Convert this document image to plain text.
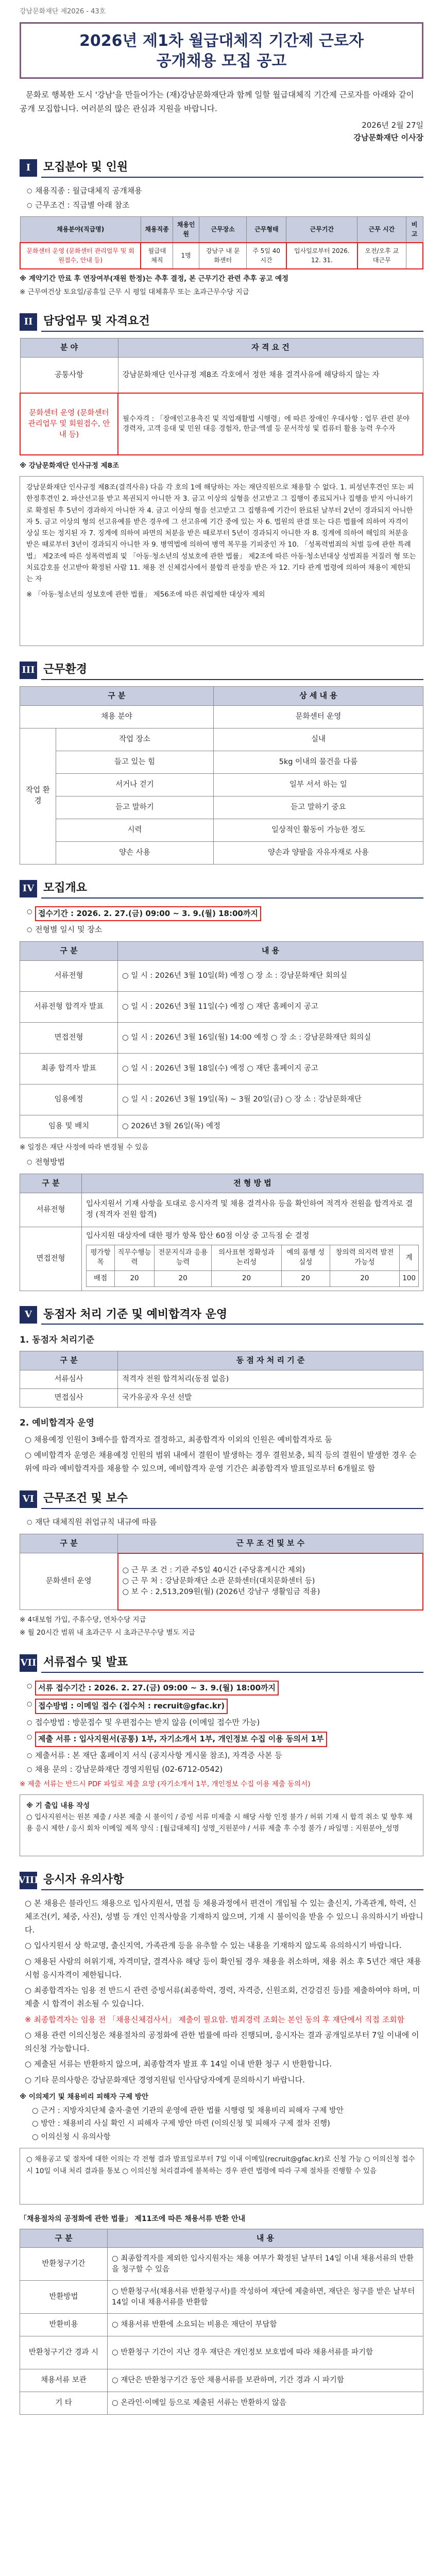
강남문화재단 제2026 - 43호
2026년 제1차 월급대체직 기간제 근로자
공개채용 모집 공고

문화로 행복한 도시 '강남'을 만들어가는 (재)강남문화재단과 함께 일할 월급대체직 기간제 근로자를 아래와 같이 공개 모집합니다. 여러분의 많은 관심과 지원을 바랍니다.

2026년 2월 27일
강남문화재단 이사장
I	모집분야 및 인원
○ 채용직종 : 월급대체직 공개채용
○ 근무조건 : 직급별 아래 참조
채용분야(직급명)	채용직종	채용인원	근무장소	근무형태	근무기간	근무 시간	비고
문화센터 운영 (문화센터 관리업무 및 회원접수, 안내 등)	월급대체직	1명	강남구 내 문화센터	주 5일 40시간	입사일로부터 2026. 12. 31.	오전/오후 교대근무	

※ 계약기간 만료 후 연장여부(재원 한정)는 추후 결정, 본 근무기간 관련 추후 공고 예정

※ 근무여건상 토요일/공휴일 근무 시 평일 대체휴무 또는 초과근무수당 지급

II 담당업무 및 자격요건
분 야	자 격 요 건
공통사항	강남문화재단 인사규정 제8조 각호에서 정한 채용 결격사유에 해당하지 않는 자
문화센터 운영 (문화센터 관리업무 및 회원접수, 안내 등)	필수자격 : 「장애인고용촉진 및 직업재활법 시행령」에 따른 장애인 우대사항 : 업무 관련 분야 경력자, 고객 응대 및 민원 대응 경험자, 한글·엑셀 등 문서작성 및 컴퓨터 활용 능력 우수자
※ 강남문화재단 인사규정 제8조
강남문화재단 인사규정 제8조(결격사유) 다음 각 호의 1에 해당하는 자는 재단직원으로 채용할 수 없다. 1. 피성년후견인 또는 피한정후견인 2. 파산선고를 받고 복권되지 아니한 자 3. 금고 이상의 실형을 선고받고 그 집행이 종료되거나 집행을 받지 아니하기로 확정된 후 5년이 경과하지 아니한 자 4. 금고 이상의 형을 선고받고 그 집행유예 기간이 완료된 날부터 2년이 경과되지 아니한 자 5. 금고 이상의 형의 선고유예를 받은 경우에 그 선고유예 기간 중에 있는 자 6. 법원의 판결 또는 다른 법률에 의하여 자격이 상실 또는 정지된 자 7. 징계에 의하여 파면의 처분을 받은 때로부터 5년이 경과되지 아니한 자 8. 징계에 의하여 해임의 처분을 받은 때로부터 3년이 경과되지 아니한 자 9. 병역법에 의하여 병역 복무를 기피중인 자 10. 「성폭력범죄의 처벌 등에 관한 특례법」 제2조에 따른 성폭력범죄 및 「아동·청소년의 성보호에 관한 법률」 제2조에 따른 아동·청소년대상 성범죄를 저질러 형 또는 치료감호를 선고받아 확정된 사람 11. 채용 전 신체검사에서 불합격 판정을 받은 자 12. 기타 관계 법령에 의하여 채용이 제한되는 자
※ 「아동·청소년의 성보호에 관한 법률」 제56조에 따른 취업제한 대상자 제외
III 근무환경
구 분		상 세 내 용
채용 분야		문화센터 운영
작업 환경	작업 장소	실내
	들고 있는 힘	5kg 이내의 물건을 다룸
	서거나 걷기	일부 서서 하는 일
	듣고 말하기	듣고 말하기 중요
	시력	일상적인 활동이 가능한 정도
	양손 사용	양손과 양팔을 자유자재로 사용
IV 모집개요
○ 접수기간 : 2026. 2. 27.(금) 09:00 ~ 3. 9.(월) 18:00까지
○ 전형별 일시 및 장소
구 분	내 용
서류전형	○ 일 시 : 2026년 3월 10일(화) 예정 ○ 장 소 : 강남문화재단 회의실
서류전형 합격자 발표	○ 일 시 : 2026년 3월 11일(수) 예정 ○ 재단 홈페이지 공고
면접전형	○ 일 시 : 2026년 3월 16일(월) 14:00 예정 ○ 장 소 : 강남문화재단 회의실
최종 합격자 발표	○ 일 시 : 2026년 3월 18일(수) 예정 ○ 재단 홈페이지 공고
임용예정	○ 일 시 : 2026년 3월 19일(목) ~ 3월 20일(금) ○ 장 소 : 강남문화재단
임용 및 배치	○ 2026년 3월 26일(목) 예정

※ 일정은 재단 사정에 따라 변경될 수 있음

○ 전형방법
구 분	전 형 방 법
서류전형	입사지원서 기재 사항을 토대로 응시자격 및 채용 결격사유 등을 확인하여 적격자 전원을 합격자로 결정 (적격자 전원 합격)
면접전형	
입사지원 대상자에 대한 평가 항목 합산 60점 이상 중 고득점 순 결정
평가항목	직무수행능력	전문지식과 응용능력	의사표현 정확성과 논리성	예의 품행 성실성	창의력 의지력 발전가능성	계
배점	20	20	20	20	20	100
V	동점자 처리 기준 및 예비합격자 운영
1. 동점자 처리기준
구 분	동 점 자 처 리 기 준
서류심사	적격자 전원 합격처리(동점 없음)
면접심사	국가유공자 우선 선발
2. 예비합격자 운영

○ 채용예정 인원이 3배수를 합격자로 결정하고, 최종합격자 이외의 인원은 예비합격자로 둠

○ 예비합격자 운영은 채용예정 인원의 범위 내에서 결원이 발생하는 경우 결원보충, 퇴직 등의 결원이 발생한 경우 순위에 따라 예비합격자를 채용할 수 있으며, 예비합격자 운영 기간은 최종합격자 발표일로부터 6개월로 함

VI 근무조건 및 보수
○ 재단 대체직원 취업규칙 내규에 따름
구 분	근 무 조 건 및 보 수
문화센터 운영	○ 근 무 조 건 : 기관 주5일 40시간 (주당휴게시간 제외)
○ 근 무 처 : 강남문화재단 소관 문화센터(대치문화센터 등)
○ 보 수 : 2,513,209원(월) (2026년 강남구 생활임금 적용)

※ 4대보험 가입, 주휴수당, 연차수당 지급

※ 월 20시간 범위 내 초과근무 시 초과근무수당 별도 지급

VII 서류접수 및 발표
○ 서류 접수기간 : 2026. 2. 27.(금) 09:00 ~ 3. 9.(월) 18:00까지
○ 접수방법 : 이메일 접수 (접수처 : recruit@gfac.kr)
○ 접수방법 : 방문접수 및 우편접수는 받지 않음 (이메일 접수만 가능)
○ 제출 서류 : 입사지원서(공통) 1부, 자기소개서 1부, 개인정보 수집 이용 동의서 1부
○ 제출서류 : 본 재단 홈페이지 서식 (공지사항 게시물 참조), 자격증 사본 등
○ 채용 문의 : 강남문화재단 경영지원팀 (02-6712-0542)

※ 제출 서류는 반드시 PDF 파일로 제출 요망 (자기소개서 1부, 개인정보 수집 이용 제출 동의서)

※ 기 출입 내용 작성
○ 입사지원서는 원본 제출 / 사본 제출 시 불이익 / 증빙 서류 미제출 시 해당 사항 인정 불가 / 허위 기재 시 합격 취소 및 향후 채용 응시 제한 / 응시 회차 이메일 제목 양식 : [월급대체직] 성명_지원분야 / 서류 제출 후 수정 불가 / 파일명 : 지원분야_성명
VIII 응시자 유의사항

○ 본 채용은 블라인드 채용으로 입사지원서, 면접 등 채용과정에서 편견이 개입될 수 있는 출신지, 가족관계, 학력, 신체조건(키, 체중, 사진), 성별 등 개인 인적사항을 기재하지 않으며, 기재 시 불이익을 받을 수 있으니 유의하시기 바랍니다.

○ 입사지원서 상 학교명, 출신지역, 가족관계 등을 유추할 수 있는 내용을 기재하지 않도록 유의하시기 바랍니다.

○ 채용된 사람의 허위기재, 자격미달, 결격사유 해당 등이 확인될 경우 채용을 취소하며, 채용 취소 후 5년간 재단 채용시험 응시자격이 제한됩니다.

○ 최종합격자는 임용 전 반드시 관련 증빙서류(최종학력, 경력, 자격증, 신원조회, 건강검진 등)를 제출하여야 하며, 미제출 시 합격이 취소될 수 있습니다.

※ 최종합격자는 임용 전 「채용신체검사서」 제출이 필요함. 범죄경력 조회는 본인 동의 후 재단에서 직접 조회함

○ 채용 관련 이의신청은 채용절차의 공정화에 관한 법률에 따라 진행되며, 응시자는 결과 공개일로부터 7일 이내에 이의신청 가능합니다.

○ 제출된 서류는 반환하지 않으며, 최종합격자 발표 후 14일 이내 반환 청구 시 반환합니다.

○ 기타 문의사항은 강남문화재단 경영지원팀 인사담당자에게 문의하시기 바랍니다.

※ 이의제기 및 채용비리 피해자 구제 방안

○ 근거 : 지방자치단체 출자·출연 기관의 운영에 관한 법률 시행령 및 채용비리 피해자 구제 방안
○ 방안 : 채용비리 사실 확인 시 피해자 구제 방안 마련 (이의신청 및 피해자 구제 절차 진행)
○ 이의신청 시 유의사항
○ 채용공고 및 절차에 대한 이의는 각 전형 결과 발표일로부터 7일 이내 이메일(recruit@gfac.kr)로 신청 가능 ○ 이의신청 접수 시 10일 이내 처리 결과를 통보 ○ 이의신청 처리결과에 불복하는 경우 관련 법령에 따라 구제 절차를 진행할 수 있음
「채용절차의 공정화에 관한 법률」 제11조에 따른 채용서류 반환 안내
구 분	내 용
반환청구기간	○ 최종합격자를 제외한 입사지원자는 채용 여부가 확정된 날부터 14일 이내 채용서류의 반환을 청구할 수 있음
반환방법	○ 반환청구서(채용서류 반환청구서)를 작성하여 재단에 제출하면, 재단은 청구를 받은 날부터 14일 이내 채용서류를 반환함
반환비용	○ 채용서류 반환에 소요되는 비용은 재단이 부담함
반환청구기간 경과 시	○ 반환청구 기간이 지난 경우 재단은 개인정보 보호법에 따라 채용서류를 파기함
채용서류 보관	○ 재단은 반환청구기간 동안 채용서류를 보관하며, 기간 경과 시 파기함
기 타	○ 온라인·이메일 등으로 제출된 서류는 반환하지 않음
